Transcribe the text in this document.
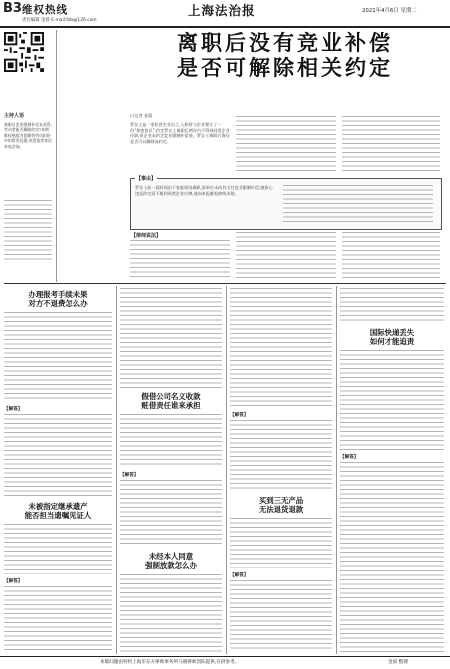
B3 维权热线
责任编辑 金晨 E-mail:fzb@126.com
上海法治报	2021年4月6日 星期二
离职后没有竞业补偿
是否可解除相关约定
主持人语
离职后竞业限制补偿未获得,劳动者能否解除约定?本期维权热线为您解答劳动纠纷中的常见问题,欢迎读者来信来电咨询。
口记者 金晨
罗女士是一家私营企业员工,入职时与企业签订了一份“保密协议”,约定罗女士离职后两年内不得到同类企业任职,但企业未约定竞业限制补偿金。罗女士离职后询问是否可以解除该约定。
【事由】
罗女士前一段时间由于家庭原因离职,原单位未向其支付竞业限制补偿,她担心违反约定而不敢到同类企业应聘,遂向本报维权热线求助。
【律师说法】
办理报考手续未果
对方不退费怎么办
【解答】
未被指定继承遗产
能否担当遗嘱见证人
【解答】
假借公司名义收款
赃借责任谁来承担
【解答】
未经本人同意
强制放款怎么办
【解答】
买到三无产品
无法退货退款
【解答】
国际快递丢失
如何才能追责
【解答】
本版问题由特约上海市东方律师事务所马晓律师团队提供,仅供参考。	金晨 整理
